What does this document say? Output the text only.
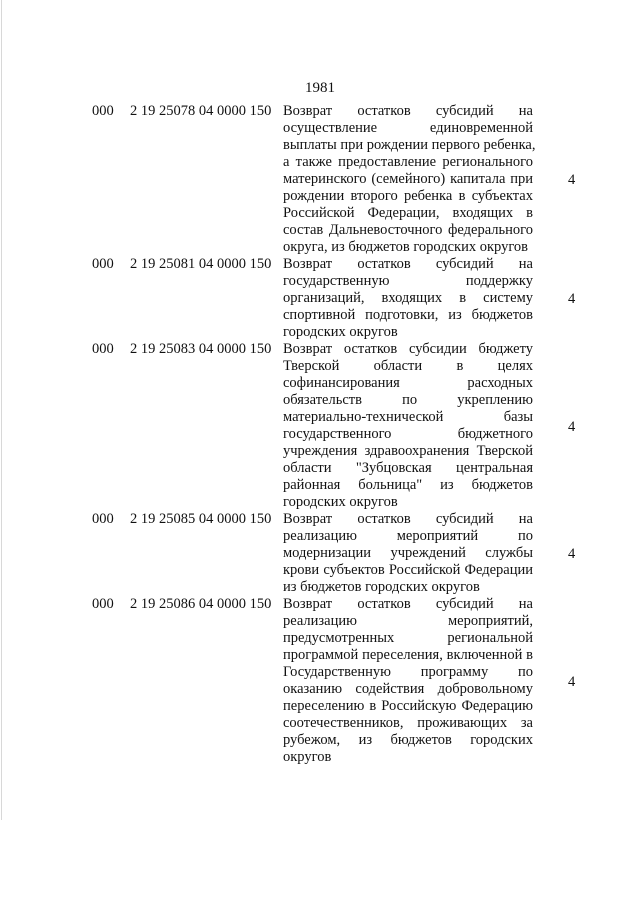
1981
000 2 19 25078 04 0000 150 Возврат остатков субсидий на
осуществление единовременной
выплаты при рождении первого ребенка,
а также предоставление регионального
материнского (семейного) капитала при
рождении второго ребенка в субъектах
Российской Федерации, входящих в
состав Дальневосточного федерального
округа, из бюджетов городских округов
4
000 2 19 25081 04 0000 150 Возврат остатков субсидий на
государственную поддержку
организаций, входящих в систему
спортивной подготовки, из бюджетов
городских округов
4
000 2 19 25083 04 0000 150 Возврат остатков субсидии бюджету
Тверской области в целях
софинансирования расходных
обязательств по укреплению
материально-технической базы
государственного бюджетного
учреждения здравоохранения Тверской
области "Зубцовская центральная
районная больница" из бюджетов
городских округов
4
000 2 19 25085 04 0000 150 Возврат остатков субсидий на
реализацию мероприятий по
модернизации учреждений службы
крови субъектов Российской Федерации
из бюджетов городских округов
4
000 2 19 25086 04 0000 150 Возврат остатков субсидий на
реализацию мероприятий,
предусмотренных региональной
программой переселения, включенной в
Государственную программу по
оказанию содействия добровольному
переселению в Российскую Федерацию
соотечественников, проживающих за
рубежом, из бюджетов городских
округов
4
